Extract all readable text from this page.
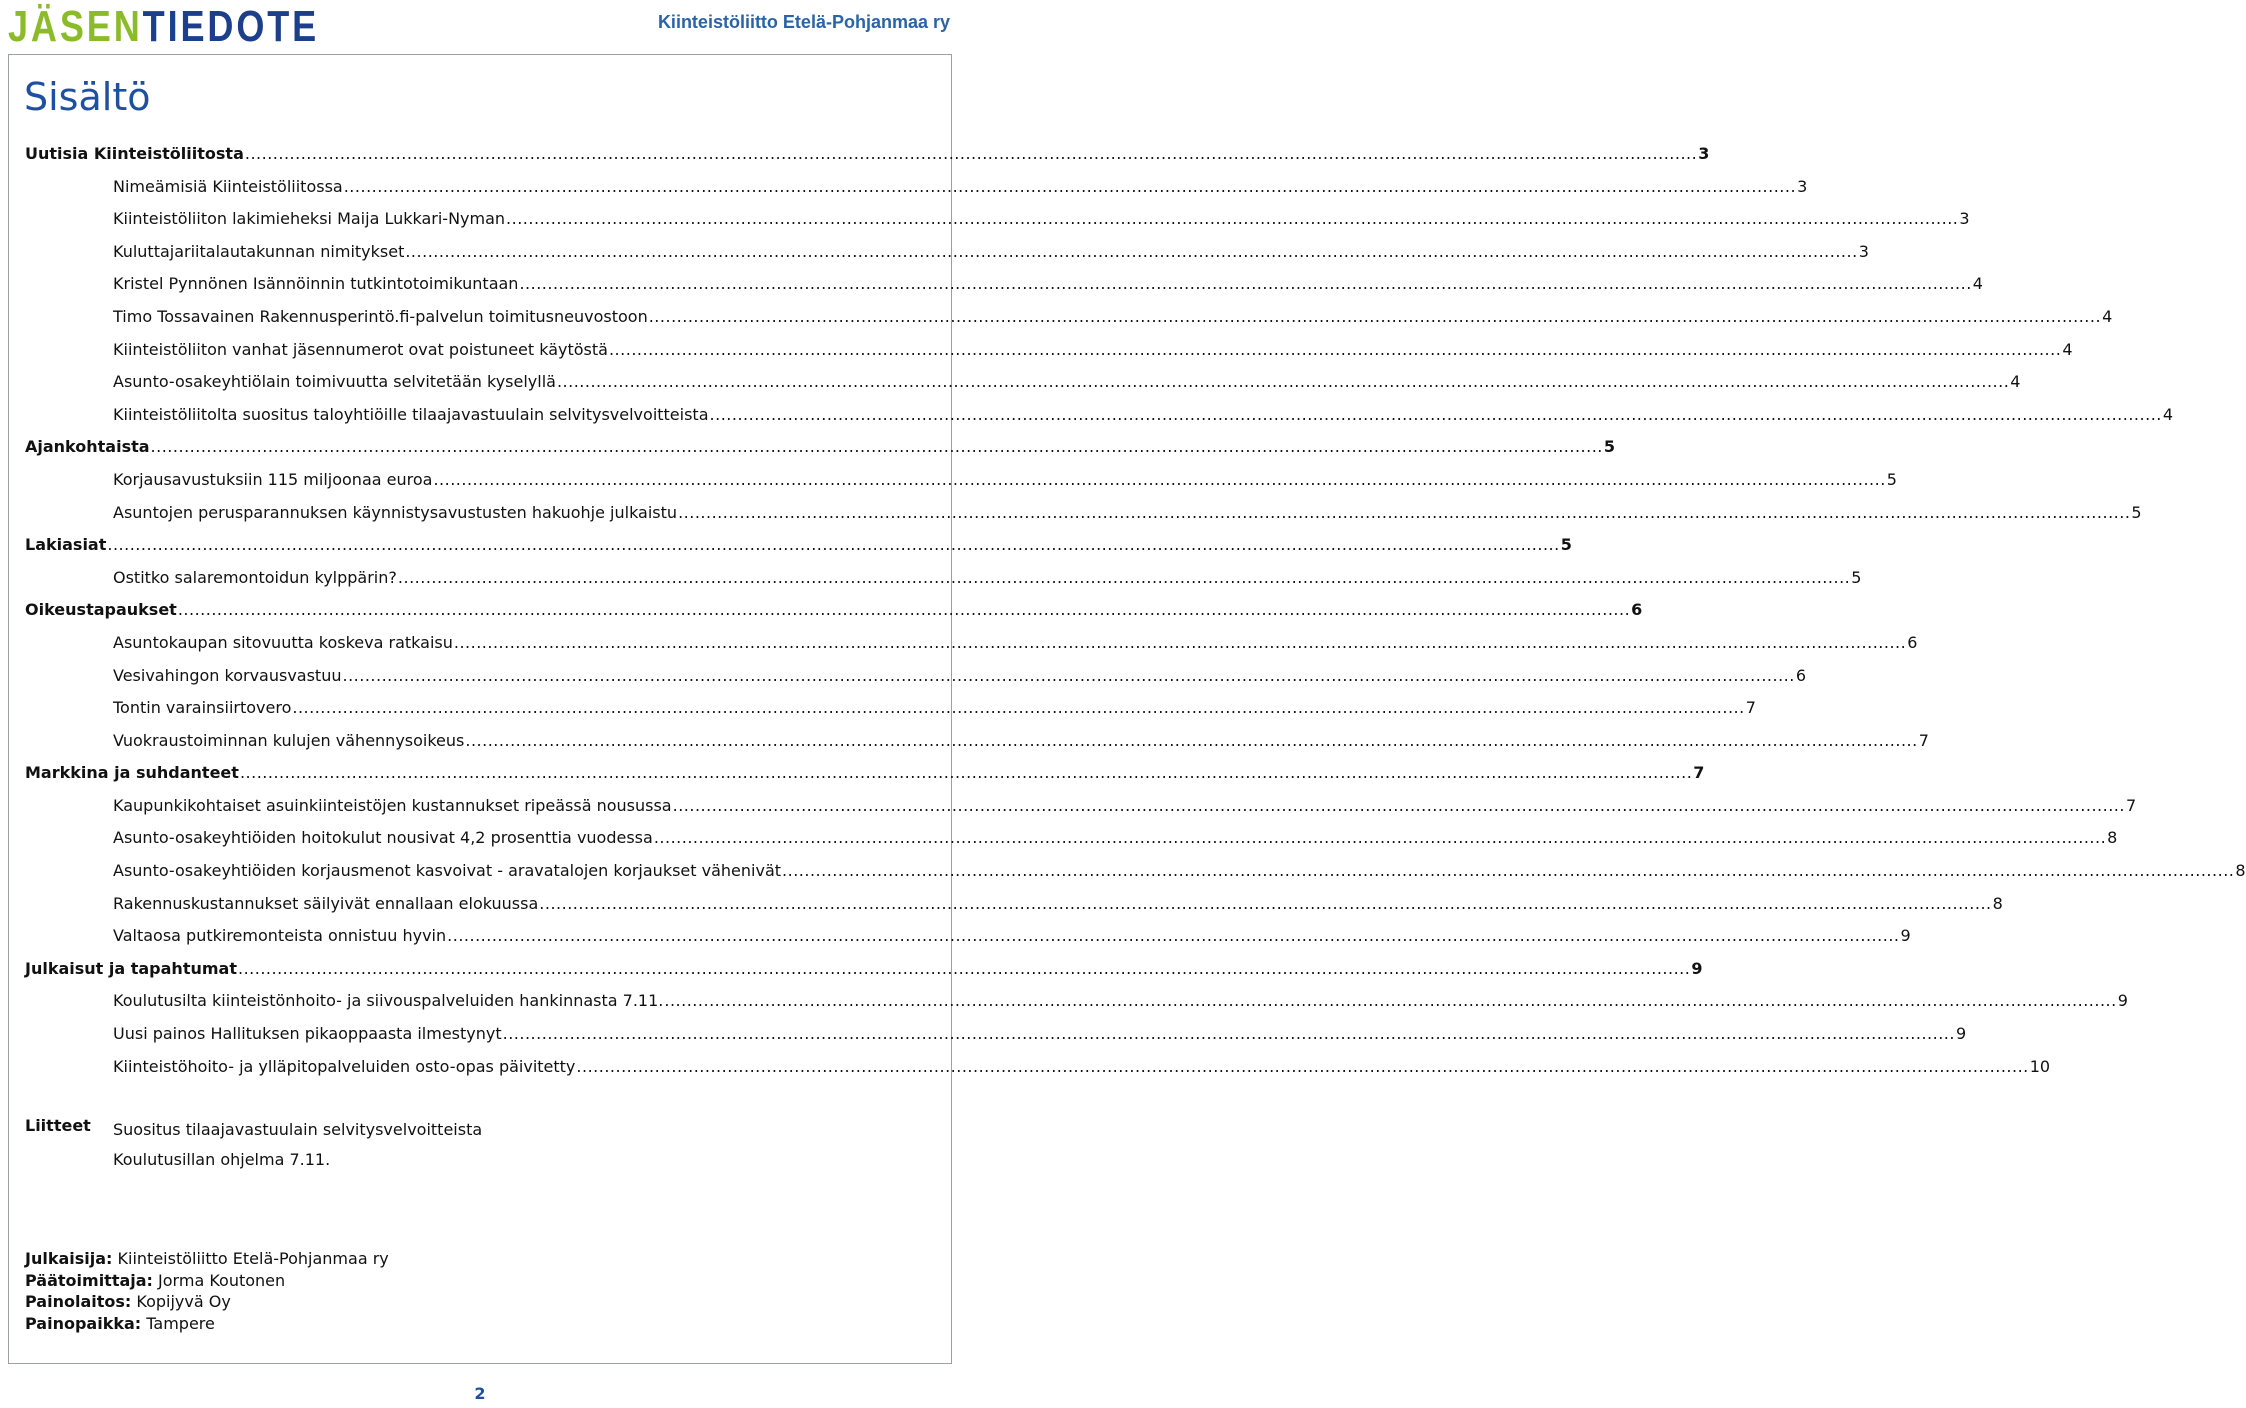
JÄSENTIEDOTE	Kiinteistöliitto Etelä-Pohjanmaa ry
Sisältö
Uutisia Kiinteistöliitosta .................................................................................................................................................................................................................................................................... 3
Nimeämisiä Kiinteistöliitossa .................................................................................................................................................................................................................................................................... 3
Kiinteistöliiton lakimieheksi Maija Lukkari-Nyman .................................................................................................................................................................................................................................................................... 3
Kuluttajariitalautakunnan nimitykset .................................................................................................................................................................................................................................................................... 3
Kristel Pynnönen Isännöinnin tutkintotoimikuntaan .................................................................................................................................................................................................................................................................... 4
Timo Tossavainen Rakennusperintö.fi-palvelun toimitusneuvostoon .................................................................................................................................................................................................................................................................... 4
Kiinteistöliiton vanhat jäsennumerot ovat poistuneet käytöstä .................................................................................................................................................................................................................................................................... 4
Asunto-osakeyhtiölain toimivuutta selvitetään kyselyllä .................................................................................................................................................................................................................................................................... 4
Kiinteistöliitolta suositus taloyhtiöille tilaajavastuulain selvitysvelvoitteista .................................................................................................................................................................................................................................................................... 4
Ajankohtaista .................................................................................................................................................................................................................................................................... 5
Korjausavustuksiin 115 miljoonaa euroa .................................................................................................................................................................................................................................................................... 5
Asuntojen perusparannuksen käynnistysavustusten hakuohje julkaistu .................................................................................................................................................................................................................................................................... 5
Lakiasiat .................................................................................................................................................................................................................................................................... 5
Ostitko salaremontoidun kylppärin? .................................................................................................................................................................................................................................................................... 5
Oikeustapaukset .................................................................................................................................................................................................................................................................... 6
Asuntokaupan sitovuutta koskeva ratkaisu .................................................................................................................................................................................................................................................................... 6
Vesivahingon korvausvastuu .................................................................................................................................................................................................................................................................... 6
Tontin varainsiirtovero .................................................................................................................................................................................................................................................................... 7
Vuokraustoiminnan kulujen vähennysoikeus .................................................................................................................................................................................................................................................................... 7
Markkina ja suhdanteet .................................................................................................................................................................................................................................................................... 7
Kaupunkikohtaiset asuinkiinteistöjen kustannukset ripeässä nousussa .................................................................................................................................................................................................................................................................... 7
Asunto-osakeyhtiöiden hoitokulut nousivat 4,2 prosenttia vuodessa .................................................................................................................................................................................................................................................................... 8
Asunto-osakeyhtiöiden korjausmenot kasvoivat - aravatalojen korjaukset vähenivät .................................................................................................................................................................................................................................................................... 8
Rakennuskustannukset säilyivät ennallaan elokuussa .................................................................................................................................................................................................................................................................... 8
Valtaosa putkiremonteista onnistuu hyvin .................................................................................................................................................................................................................................................................... 9
Julkaisut ja tapahtumat .................................................................................................................................................................................................................................................................... 9
Koulutusilta kiinteistönhoito- ja siivouspalveluiden hankinnasta 7.11. .................................................................................................................................................................................................................................................................... 9
Uusi painos Hallituksen pikaoppaasta ilmestynyt .................................................................................................................................................................................................................................................................... 9
Kiinteistöhoito- ja ylläpitopalveluiden osto-opas päivitetty .................................................................................................................................................................................................................................................................... 10
Liitteet Suositus tilaajavastuulain selvitysvelvoitteista
Koulutusillan ohjelma 7.11.
Julkaisija: Kiinteistöliitto Etelä-Pohjanmaa ry
Päätoimittaja: Jorma Koutonen
Painolaitos: Kopijyvä Oy
Painopaikka: Tampere
2
